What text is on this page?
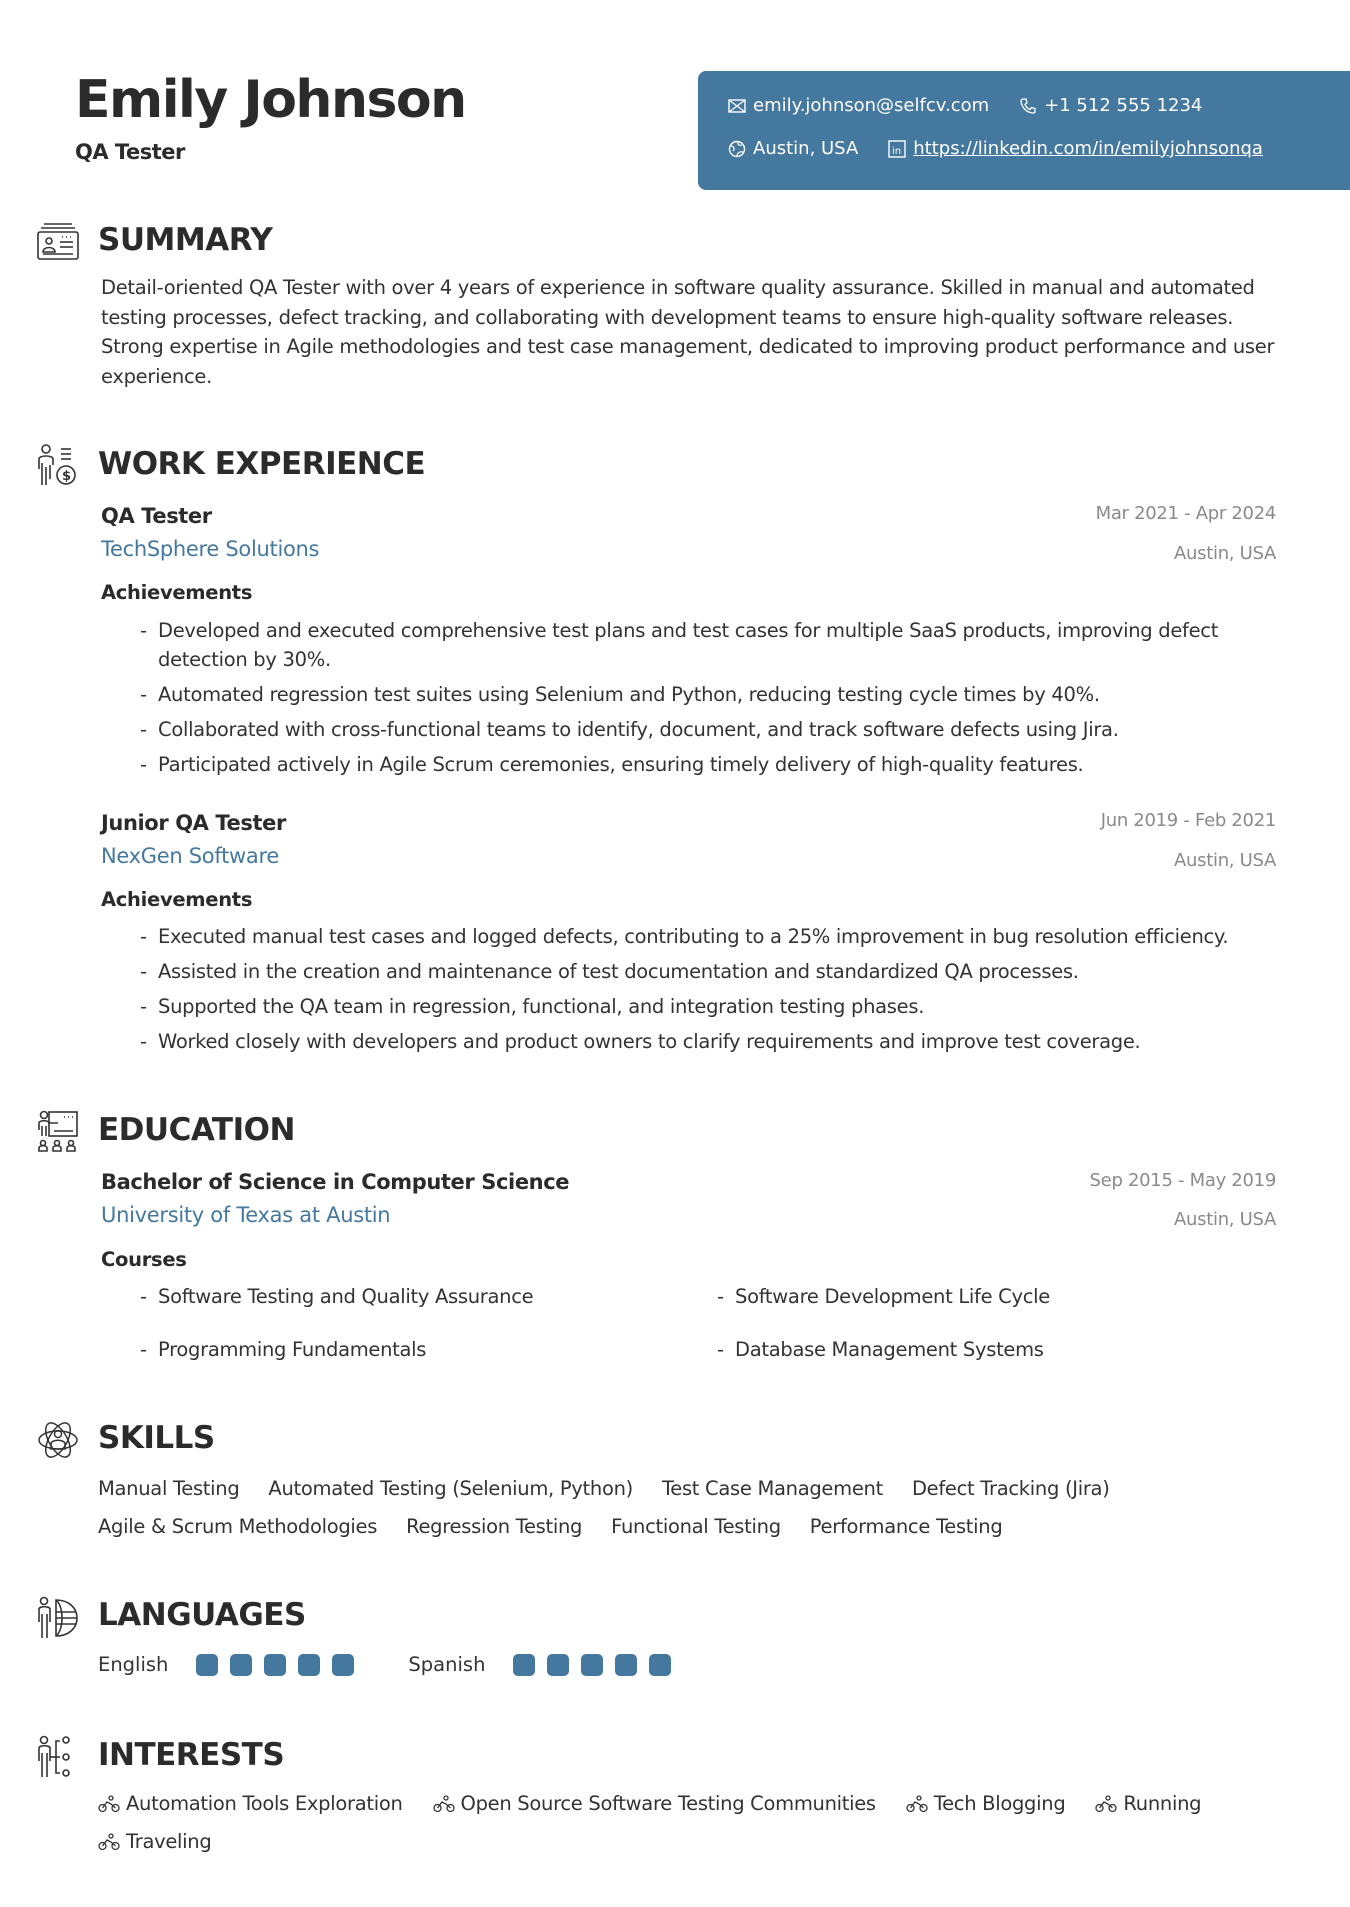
Emily Johnson
QA Tester
emily.johnson@selfcv.com	+1 512 555 1234
Austin, USA	in https://linkedin.com/in/emilyjohnsonqa
SUMMARY
Detail-oriented QA Tester with over 4 years of experience in software quality assurance. Skilled in manual and automated testing processes, defect tracking, and collaborating with development teams to ensure high-quality software releases. Strong expertise in Agile methodologies and test case management, dedicated to improving product performance and user experience.
$ WORK EXPERIENCE
QA Tester	Mar 2021 - Apr 2024
TechSphere Solutions	Austin, USA
Achievements
- Developed and executed comprehensive test plans and test cases for multiple SaaS products, improving defect detection by 30%.
- Automated regression test suites using Selenium and Python, reducing testing cycle times by 40%.
- Collaborated with cross-functional teams to identify, document, and track software defects using Jira.
- Participated actively in Agile Scrum ceremonies, ensuring timely delivery of high-quality features.
Junior QA Tester	Jun 2019 - Feb 2021
NexGen Software	Austin, USA
Achievements
- Executed manual test cases and logged defects, contributing to a 25% improvement in bug resolution efficiency.
- Assisted in the creation and maintenance of test documentation and standardized QA processes.
- Supported the QA team in regression, functional, and integration testing phases.
- Worked closely with developers and product owners to clarify requirements and improve test coverage.
EDUCATION
Bachelor of Science in Computer Science	Sep 2015 - May 2019
University of Texas at Austin	Austin, USA
Courses
- Software Testing and Quality Assurance	- Software Development Life Cycle
- Programming Fundamentals	- Database Management Systems
SKILLS
Manual Testing Automated Testing (Selenium, Python) Test Case Management Defect Tracking (Jira)
Agile & Scrum Methodologies Regression Testing Functional Testing Performance Testing
LANGUAGES
English	Spanish
INTERESTS
Automation Tools Exploration	Open Source Software Testing Communities	Tech Blogging	Running
Traveling
